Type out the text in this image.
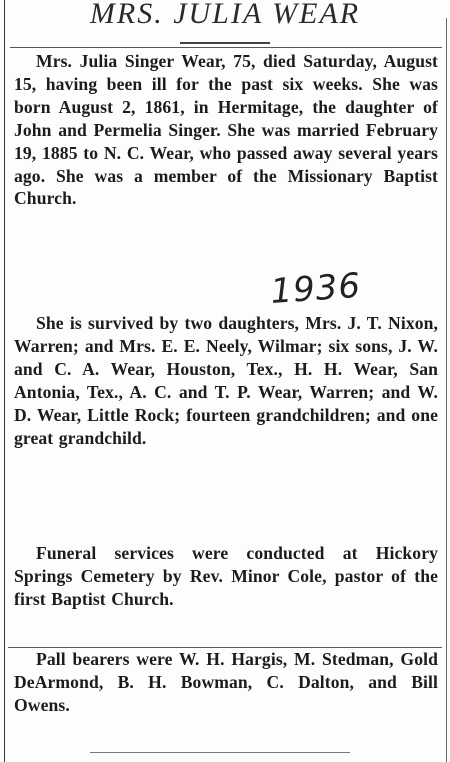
MRS. JULIA WEAR

Mrs. Julia Singer Wear, 75, died Saturday, August 15, having been ill for the past six weeks. She was born August 2, 1861, in Hermitage, the daughter of John and Permelia Singer. She was married February 19, 1885 to N. C. Wear, who passed away several years ago. She was a member of the Missionary Baptist Church.

1936

She is survived by two daughters, Mrs. J. T. Nixon, Warren; and Mrs. E. E. Neely, Wilmar; six sons, J. W. and C. A. Wear, Houston, Tex., H. H. Wear, San Antonia, Tex., A. C. and T. P. Wear, Warren; and W. D. Wear, Little Rock; fourteen grandchildren; and one great grandchild.

Funeral services were conducted at Hickory Springs Cemetery by Rev. Minor Cole, pastor of the first Baptist Church.

Pall bearers were W. H. Hargis, M. Stedman, Gold DeArmond, B. H. Bowman, C. Dalton, and Bill Owens.
